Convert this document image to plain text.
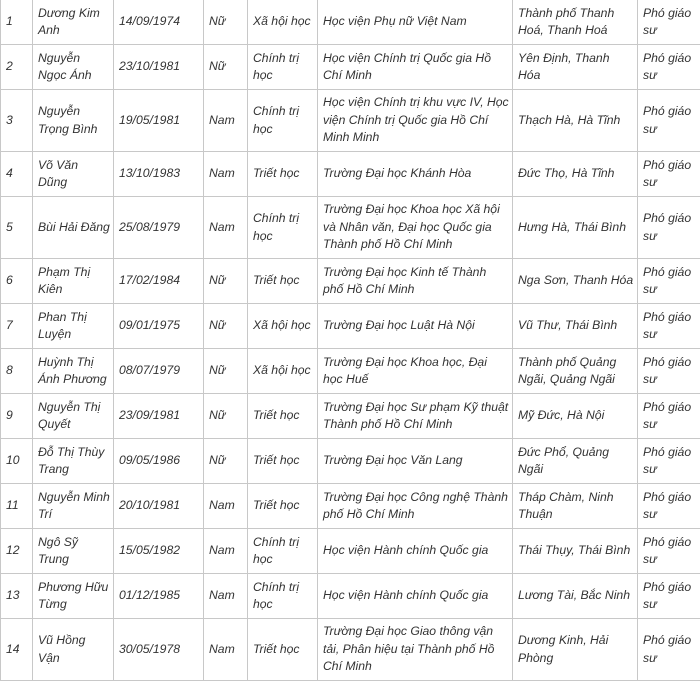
1	Dương Kim Anh	14/09/1974	Nữ	Xã hội học	Học viện Phụ nữ Việt Nam	Thành phố Thanh Hoá, Thanh Hoá	Phó giáo sư
2	Nguyễn Ngọc Ánh	23/10/1981	Nữ	Chính trị học	Học viện Chính trị Quốc gia Hồ Chí Minh	Yên Định, Thanh Hóa	Phó giáo sư
3	Nguyễn Trọng Bình	19/05/1981	Nam	Chính trị học	Học viện Chính trị khu vực IV, Học viện Chính trị Quốc gia Hồ Chí Minh Minh	Thạch Hà, Hà Tĩnh	Phó giáo sư
4	Võ Văn Dũng	13/10/1983	Nam	Triết học	Trường Đại học Khánh Hòa	Đức Thọ, Hà Tĩnh	Phó giáo sư
5	Bùi Hải Đăng	25/08/1979	Nam	Chính trị học	Trường Đại học Khoa học Xã hội và Nhân văn, Đại học Quốc gia Thành phố Hồ Chí Minh	Hưng Hà, Thái Bình	Phó giáo sư
6	Phạm Thị Kiên	17/02/1984	Nữ	Triết học	Trường Đại học Kinh tế Thành phố Hồ Chí Minh	Nga Sơn, Thanh Hóa	Phó giáo sư
7	Phan Thị Luyện	09/01/1975	Nữ	Xã hội học	Trường Đại học Luật Hà Nội	Vũ Thư, Thái Bình	Phó giáo sư
8	Huỳnh Thị Ánh Phương	08/07/1979	Nữ	Xã hội học	Trường Đại học Khoa học, Đại học Huế	Thành phố Quảng Ngãi, Quảng Ngãi	Phó giáo sư
9	Nguyễn Thị Quyết	23/09/1981	Nữ	Triết học	Trường Đại học Sư phạm Kỹ thuật Thành phố Hồ Chí Minh	Mỹ Đức, Hà Nội	Phó giáo sư
10	Đỗ Thị Thùy Trang	09/05/1986	Nữ	Triết học	Trường Đại học Văn Lang	Đức Phổ, Quảng Ngãi	Phó giáo sư
11	Nguyễn Minh Trí	20/10/1981	Nam	Triết học	Trường Đại học Công nghệ Thành phố Hồ Chí Minh	Tháp Chàm, Ninh Thuận	Phó giáo sư
12	Ngô Sỹ Trung	15/05/1982	Nam	Chính trị học	Học viện Hành chính Quốc gia	Thái Thụy, Thái Bình	Phó giáo sư
13	Phương Hữu Từng	01/12/1985	Nam	Chính trị học	Học viện Hành chính Quốc gia	Lương Tài, Bắc Ninh	Phó giáo sư
14	Vũ Hồng Vận	30/05/1978	Nam	Triết học	Trường Đại học Giao thông vận tải, Phân hiệu tại Thành phố Hồ Chí Minh	Dương Kinh, Hải Phòng	Phó giáo sư
